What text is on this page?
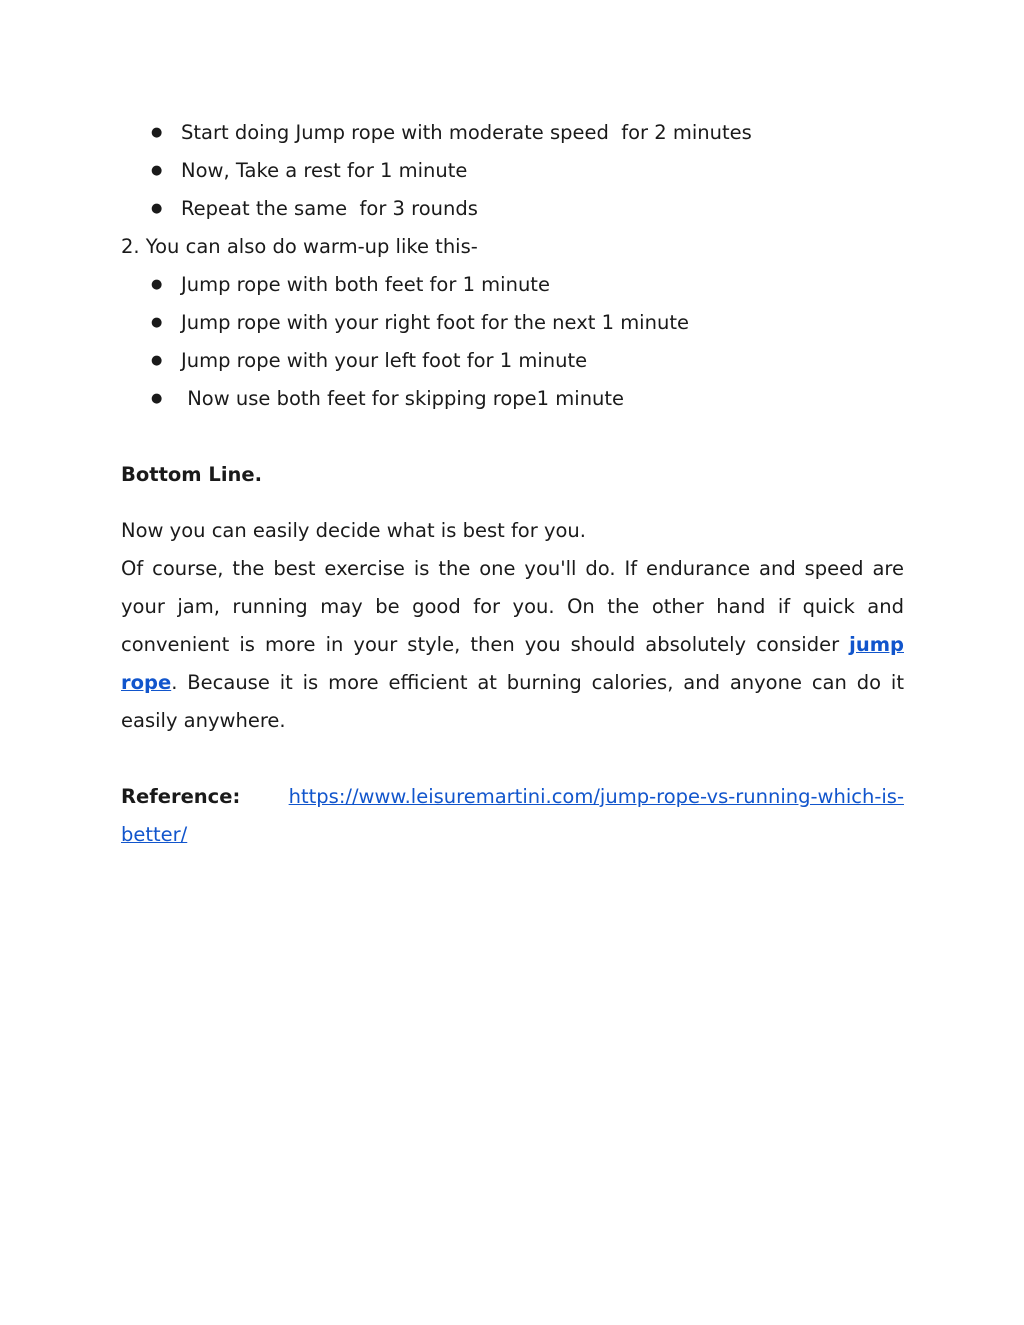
● Start doing Jump rope with moderate speed  for 2 minutes
● Now, Take a rest for 1 minute
● Repeat the same  for 3 rounds
2. You can also do warm-up like this-
● Jump rope with both feet for 1 minute
● Jump rope with your right foot for the next 1 minute
● Jump rope with your left foot for 1 minute
● Now use both feet for skipping rope1 minute
Bottom Line.
Now you can easily decide what is best for you.
Of course, the best exercise is the one you'll do. If endurance and speed are your jam, running may be good for you. On the other hand if quick and convenient is more in your style, then you should absolutely consider jump rope. Because it is more efficient at burning calories, and anyone can do it easily anywhere.
Reference: https://www.leisuremartini.com/jump-rope-vs-running-which-is-better/
